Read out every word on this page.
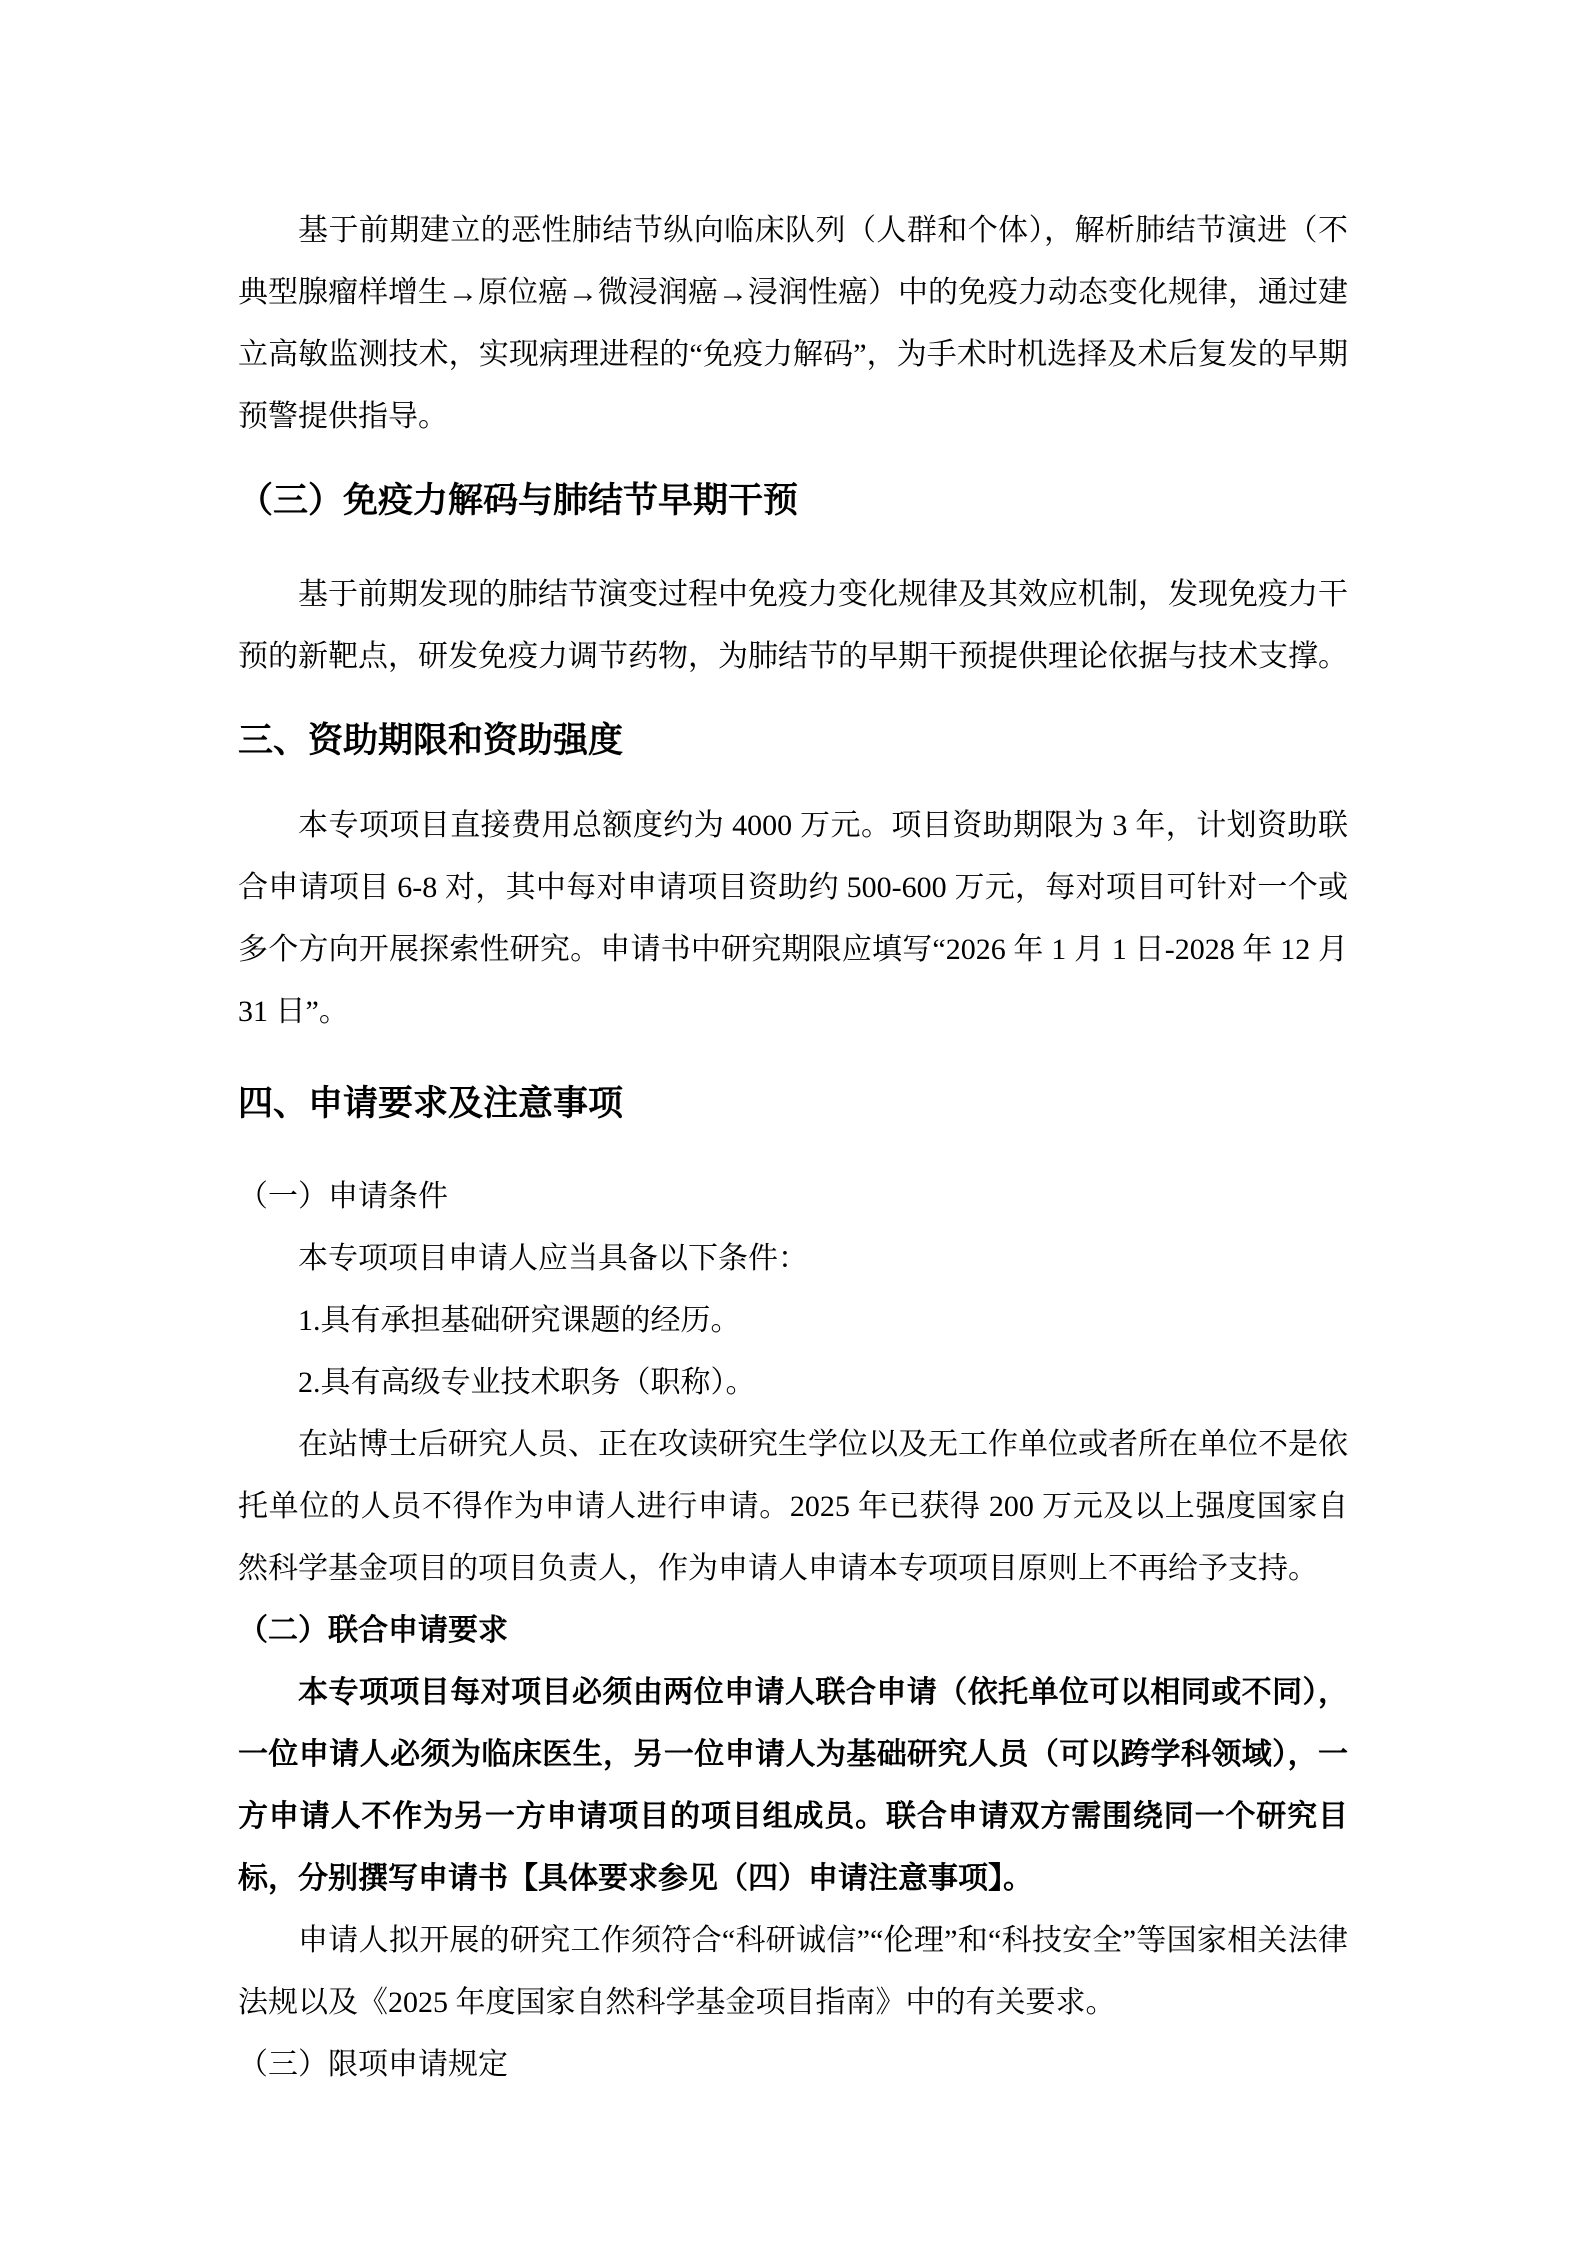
基于前期建立的恶性肺结节纵向临床队列（人群和个体），解析肺结节演进（不典型腺瘤样增生→原位癌→微浸润癌→浸润性癌）中的免疫力动态变化规律，通过建立高敏监测技术，实现病理进程的“免疫力解码”，为手术时机选择及术后复发的早期预警提供指导。

（三）免疫力解码与肺结节早期干预

基于前期发现的肺结节演变过程中免疫力变化规律及其效应机制，发现免疫力干预的新靶点，研发免疫力调节药物，为肺结节的早期干预提供理论依据与技术支撑。

三、资助期限和资助强度

本专项项目直接费用总额度约为 4000 万元。项目资助期限为 3 年，计划资助联合申请项目 6-8 对，其中每对申请项目资助约 500-600 万元，每对项目可针对一个或多个方向开展探索性研究。申请书中研究期限应填写“2026 年 1 月 1 日-2028 年 12 月 31 日”。

四、申请要求及注意事项

（一）申请条件

本专项项目申请人应当具备以下条件：

1.具有承担基础研究课题的经历。

2.具有高级专业技术职务（职称）。

在站博士后研究人员、正在攻读研究生学位以及无工作单位或者所在单位不是依托单位的人员不得作为申请人进行申请。2025 年已获得 200 万元及以上强度国家自然科学基金项目的项目负责人，作为申请人申请本专项项目原则上不再给予支持。

（二）联合申请要求

本专项项目每对项目必须由两位申请人联合申请（依托单位可以相同或不同），一位申请人必须为临床医生，另一位申请人为基础研究人员（可以跨学科领域），一方申请人不作为另一方申请项目的项目组成员。联合申请双方需围绕同一个研究目标，分别撰写申请书【具体要求参见（四）申请注意事项】。

申请人拟开展的研究工作须符合“科研诚信”“伦理”和“科技安全”等国家相关法律法规以及《2025 年度国家自然科学基金项目指南》中的有关要求。

（三）限项申请规定
